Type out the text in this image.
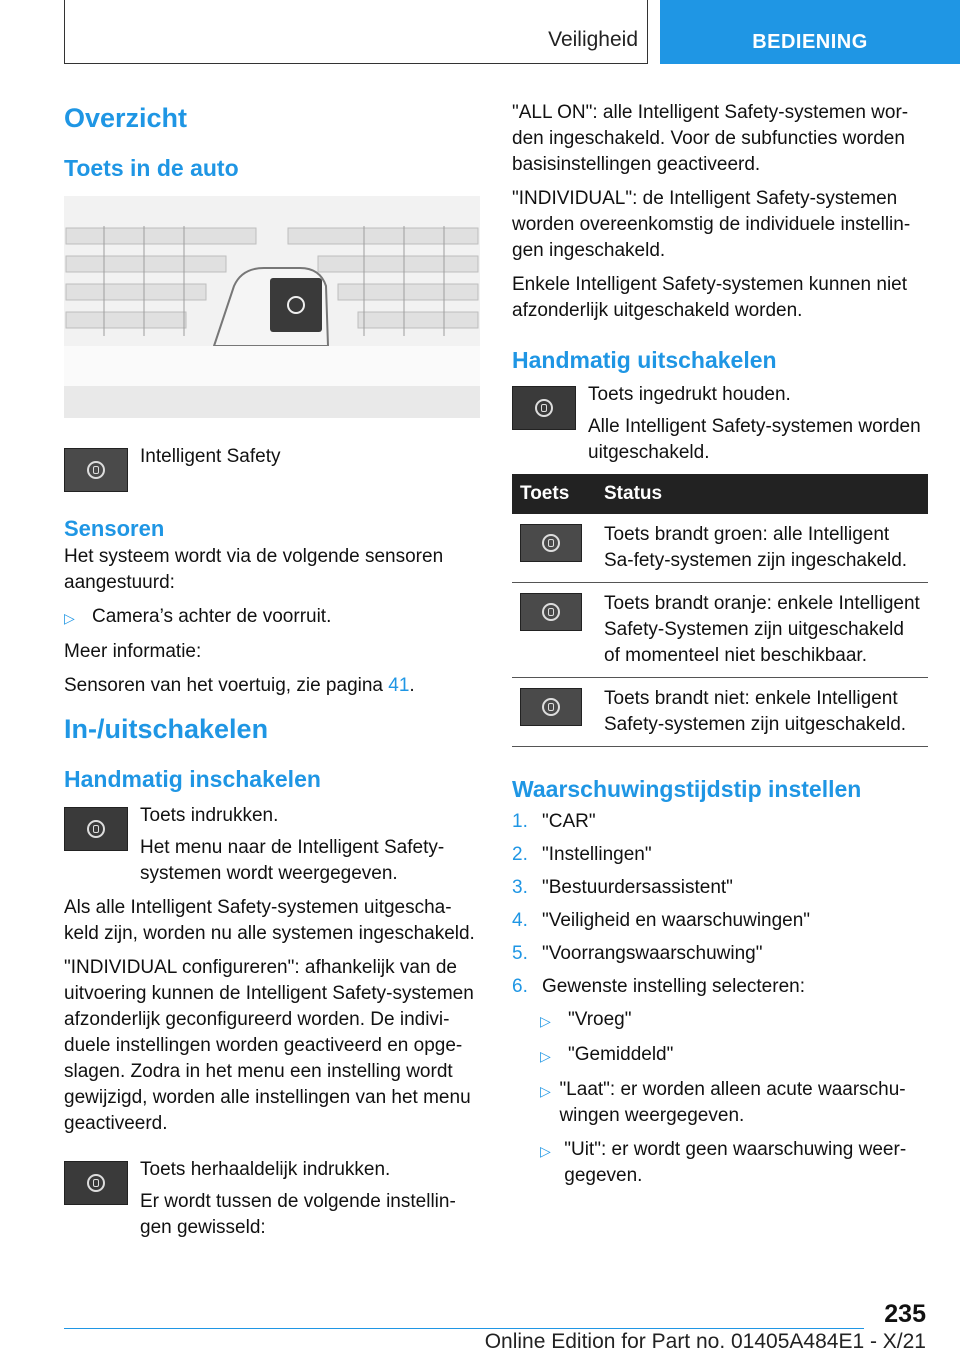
Veiligheid	BEDIENING
Overzicht
Toets in de auto
Intelligent Safety
Sensoren

Het systeem wordt via de volgende sensoren aangestuurd:

▷ Camera’s achter de voorruit.

Meer informatie:

Sensoren van het voertuig, zie pagina 41.

In-/uitschakelen
Handmatig inschakelen
Toets indrukken.
Het menu naar de Intelligent Safety-systemen wordt weergegeven.

Als alle Intelligent Safety-systemen uitgescha-keld zijn, worden nu alle systemen ingeschakeld.

"INDIVIDUAL configureren": afhankelijk van de uitvoering kunnen de Intelligent Safety-systemen afzonderlijk geconfigureerd worden. De indivi-duele instellingen worden geactiveerd en opge-slagen. Zodra in het menu een instelling wordt gewijzigd, worden alle instellingen van het menu geactiveerd.

Toets herhaaldelijk indrukken.
Er wordt tussen de volgende instellin-gen gewisseld:

"ALL ON": alle Intelligent Safety-systemen wor-den ingeschakeld. Voor de subfuncties worden basisinstellingen geactiveerd.

"INDIVIDUAL": de Intelligent Safety-systemen worden overeenkomstig de individuele instellin-gen ingeschakeld.

Enkele Intelligent Safety-systemen kunnen niet afzonderlijk uitgeschakeld worden.

Handmatig uitschakelen
Toets ingedrukt houden.
Alle Intelligent Safety-systemen worden uitgeschakeld.
Toets	Status

	Toets brandt groen: alle Intelligent Sa-fety-systemen zijn ingeschakeld.

	Toets brandt oranje: enkele Intelligent Safety-Systemen zijn uitgeschakeld of momenteel niet beschikbaar.

	Toets brandt niet: enkele Intelligent Safety-systemen zijn uitgeschakeld.
Waarschuwingstijdstip instellen
1. "CAR"
2. "Instellingen"
3. "Bestuurdersassistent"
4. "Veiligheid en waarschuwingen"
5. "Voorrangswaarschuwing"
6. Gewenste instelling selecteren:
▷ "Vroeg"
▷ "Gemiddeld"
▷ "Laat": er worden alleen acute waarschu-wingen weergegeven.
▷ "Uit": er wordt geen waarschuwing weer-gegeven.
235
Online Edition for Part no. 01405A484E1 - X/21
